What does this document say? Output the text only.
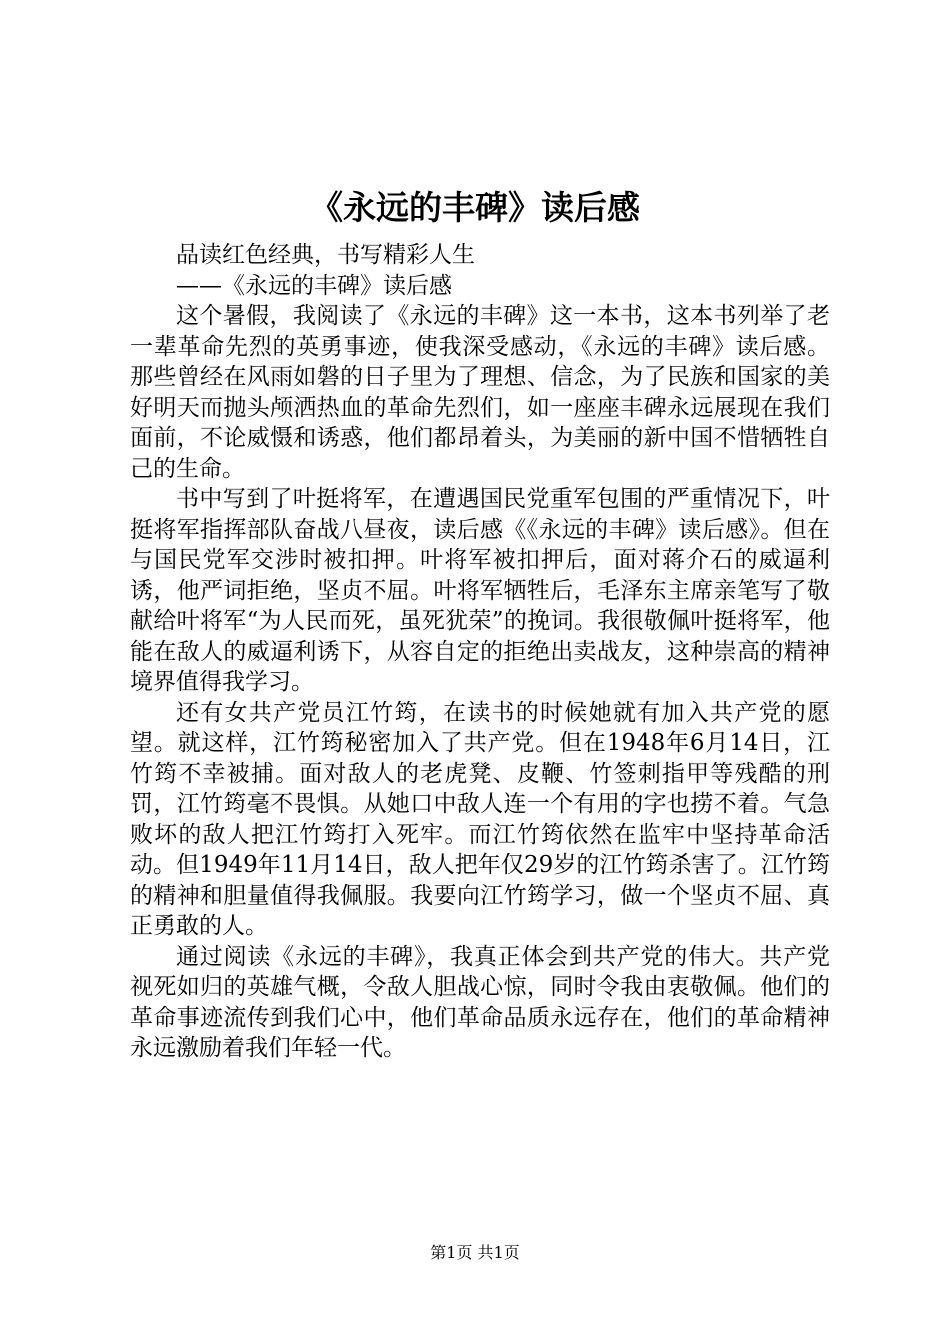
《永远的丰碑》读后感

品读红色经典，书写精彩人生

——《永远的丰碑》读后感

这个暑假，我阅读了《永远的丰碑》这一本书，这本书列举了老一辈革命先烈的英勇事迹，使我深受感动，《永远的丰碑》读后感。那些曾经在风雨如磐的日子里为了理想、信念，为了民族和国家的美好明天而抛头颅洒热血的革命先烈们，如一座座丰碑永远展现在我们面前，不论威慑和诱惑，他们都昂着头，为美丽的新中国不惜牺牲自己的生命。

书中写到了叶挺将军，在遭遇国民党重军包围的严重情况下，叶挺将军指挥部队奋战八昼夜，读后感《《永远的丰碑》读后感》。但在与国民党军交涉时被扣押。叶将军被扣押后，面对蒋介石的威逼利诱，他严词拒绝，坚贞不屈。叶将军牺牲后，毛泽东主席亲笔写了敬献给叶将军“为人民而死，虽死犹荣”的挽词。我很敬佩叶挺将军，他能在敌人的威逼利诱下，从容自定的拒绝出卖战友，这种崇高的精神境界值得我学习。

还有女共产党员江竹筠，在读书的时候她就有加入共产党的愿望。就这样，江竹筠秘密加入了共产党。但在1948年6月14日，江竹筠不幸被捕。面对敌人的老虎凳、皮鞭、竹签刺指甲等残酷的刑罚，江竹筠毫不畏惧。从她口中敌人连一个有用的字也捞不着。气急败坏的敌人把江竹筠打入死牢。而江竹筠依然在监牢中坚持革命活动。但1949年11月14日，敌人把年仅29岁的江竹筠杀害了。江竹筠的精神和胆量值得我佩服。我要向江竹筠学习，做一个坚贞不屈、真正勇敢的人。

通过阅读《永远的丰碑》，我真正体会到共产党的伟大。共产党视死如归的英雄气概，令敌人胆战心惊，同时令我由衷敬佩。他们的革命事迹流传到我们心中，他们革命品质永远存在，他们的革命精神永远激励着我们年轻一代。

第1页 共1页
